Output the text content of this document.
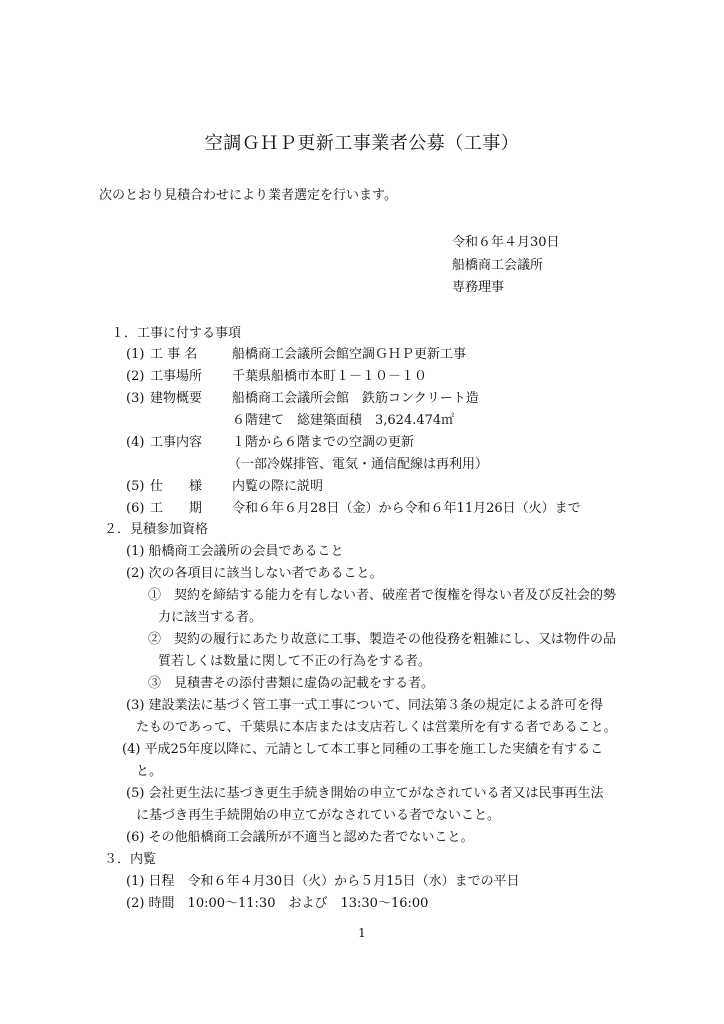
空調ＧＨＰ更新工事業者公募（工事）
次のとおり見積合わせにより業者選定を行います。
令和６年４月30日
船橋商工会議所
専務理事
１．工事に付する事項
(1) 工 事 名	船橋商工会議所会館空調ＧＨＰ更新工事
(2) 工事場所 千葉県船橋市本町１－１０－１０
(3) 建物概要 船橋商工会議所会館　鉄筋コンクリート造
６階建て　総建築面積　3,624.474㎡
(4) 工事内容 １階から６階までの空調の更新
（一部冷媒排管、電気・通信配線は再利用）
(5) 仕　　様 内覧の際に説明
(6) 工　　期 令和６年６月28日（金）から令和６年11月26日（火）まで
２．見積参加資格
(1) 船橋商工会議所の会員であること
(2) 次の各項目に該当しない者であること。
①　契約を締結する能力を有しない者、破産者で復権を得ない者及び反社会的勢
力に該当する者。
②　契約の履行にあたり故意に工事、製造その他役務を粗雑にし、又は物件の品
質若しくは数量に関して不正の行為をする者。
③　見積書その添付書類に虚偽の記載をする者。
(3) 建設業法に基づく管工事一式工事について、同法第３条の規定による許可を得
たものであって、千葉県に本店または支店若しくは営業所を有する者であること。
(4) 平成25年度以降に、元請として本工事と同種の工事を施工した実績を有するこ
と。
(5) 会社更生法に基づき更生手続き開始の申立てがなされている者又は民事再生法
に基づき再生手続開始の申立てがなされている者でないこと。
(6) その他船橋商工会議所が不適当と認めた者でないこと。
３．内覧
(1) 日程　令和６年４月30日（火）から５月15日（水）までの平日
(2) 時間　10:00～11:30　および　13:30～16:00
1
